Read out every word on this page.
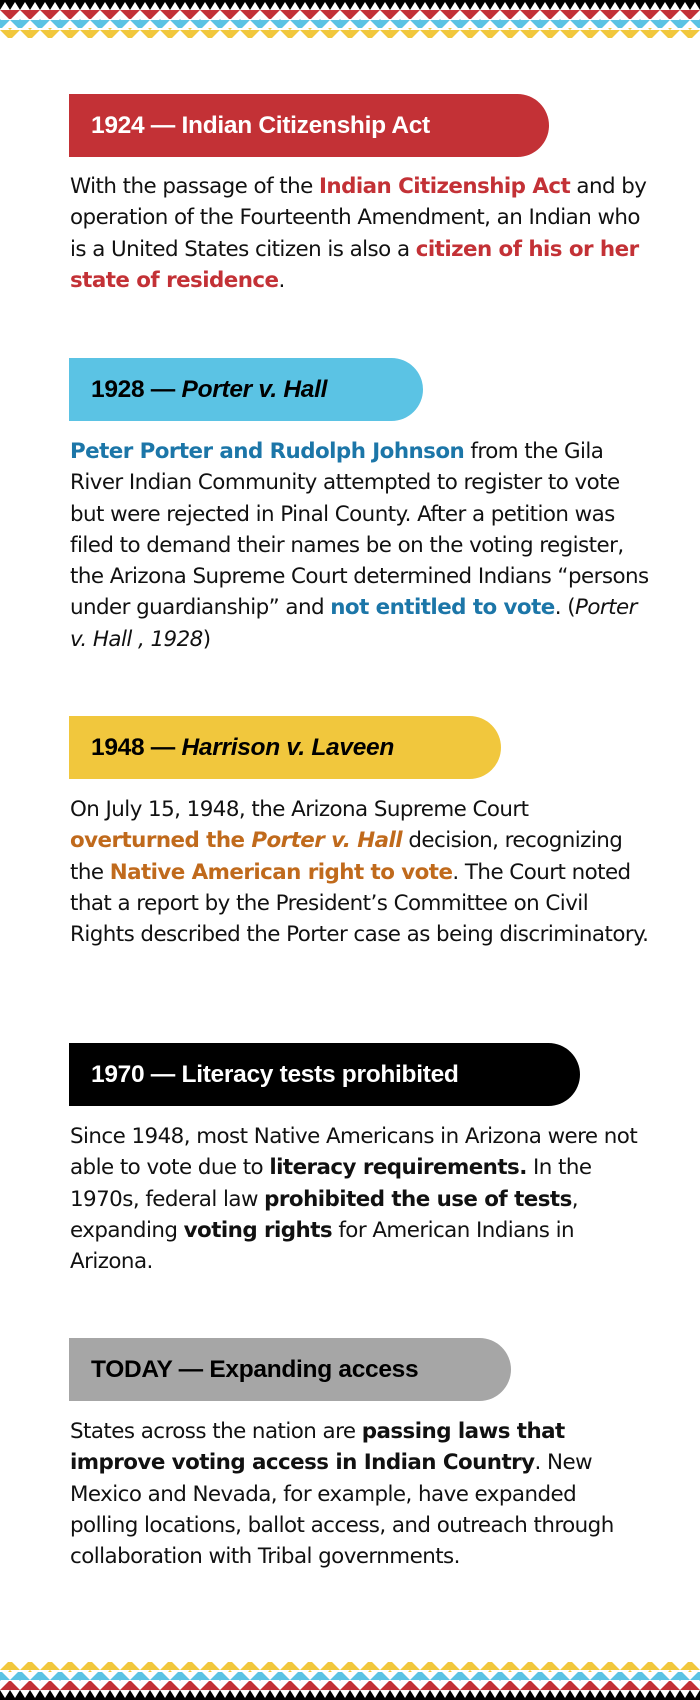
1924 —
Indian Citizenship Act

With the passage of the Indian Citizenship Act and by operation of the Fourteenth Amendment, an Indian who is a United States citizen is also a citizen of his or her state of residence.

1928 —
Porter v. Hall

Peter Porter and Rudolph Johnson from the Gila River Indian Community attempted to register to vote but were rejected in Pinal County. After a petition was filed to demand their names be on the voting register, the Arizona Supreme Court determined Indians “persons under guardianship” and not entitled to vote. (Porter v. Hall , 1928)

1948 —
Harrison v. Laveen

On July 15, 1948, the Arizona Supreme Court overturned the Porter v. Hall decision, recognizing the Native American right to vote. The Court noted that a report by the President’s Committee on Civil Rights described the Porter case as being discriminatory.

1970 —
Literacy tests prohibited

Since 1948, most Native Americans in Arizona were not able to vote due to literacy requirements. In the 1970s, federal law prohibited the use of tests, expanding voting rights for American Indians in Arizona.

TODAY —
Expanding access

States across the nation are passing laws that improve voting access in Indian Country. New Mexico and Nevada, for example, have expanded polling locations, ballot access, and outreach through collaboration with Tribal governments.
